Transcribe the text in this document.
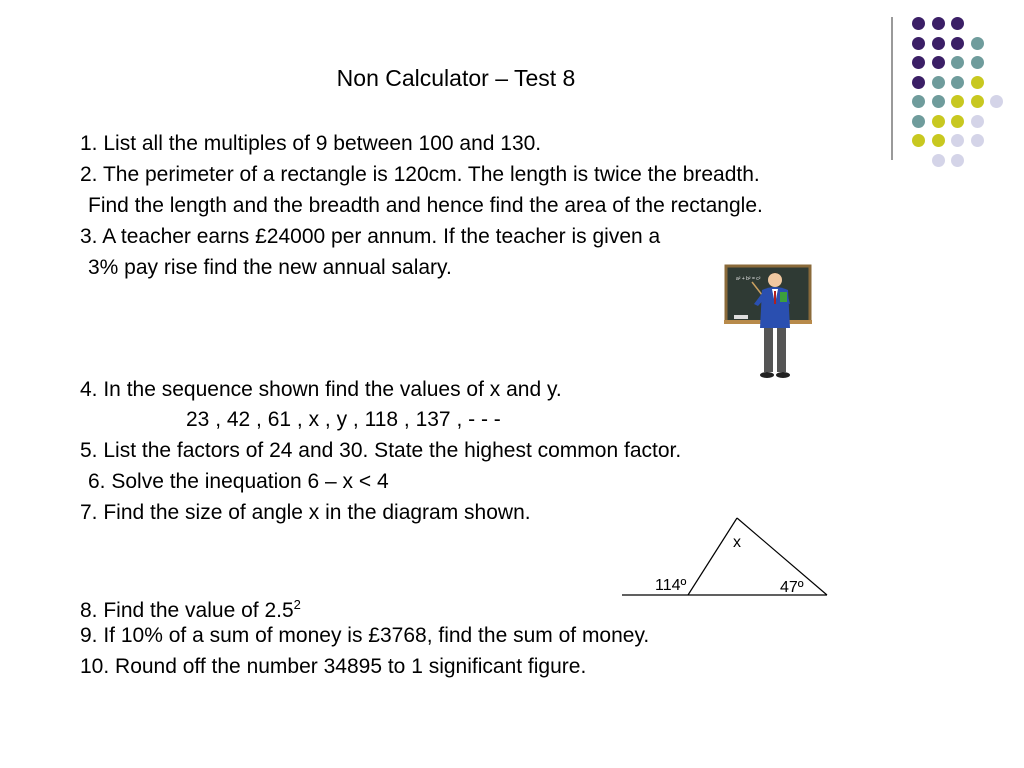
Non Calculator – Test 8
1. List all the multiples of 9 between 100 and 130.
2. The perimeter of a rectangle is 120cm. The length is twice the breadth.
Find the length and the breadth and hence find the area of the rectangle.
3. A teacher earns £24000 per annum. If the teacher is given a
3% pay rise find the new annual salary.
4. In the sequence shown find the values of x and y.
23 , 42 , 61 , x , y , 118 , 137 , - - -
5. List the factors of 24 and 30. State the highest common factor.
6. Solve the inequation 6 – x < 4
7. Find the size of angle x in the diagram shown.
8. Find the value of $2.5^2$
9. If 10% of a sum of money is £3768, find the sum of money.
10. Round off the number 34895 to 1 significant figure.
a² + b² = c²
x
114º	47º
